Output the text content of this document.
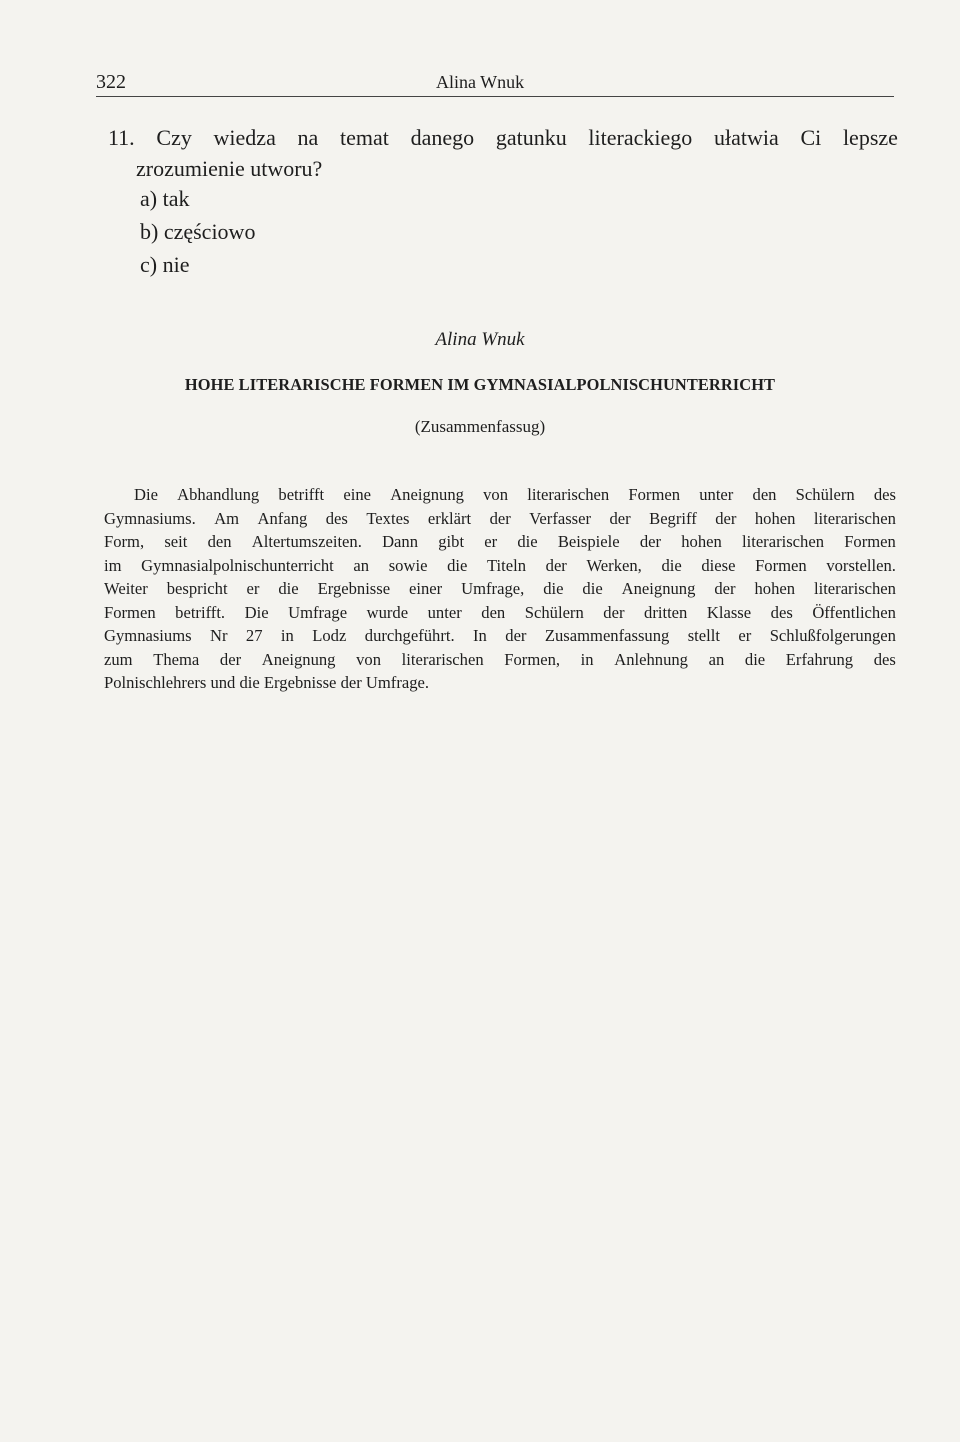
322	Alina Wnuk
11. Czy wiedza na temat danego gatunku literackiego ułatwia Ci lepsze
zrozumienie utworu?
a) tak
b) częściowo
c) nie
Alina Wnuk
HOHE LITERARISCHE FORMEN IM GYMNASIALPOLNISCHUNTERRICHT
(Zusammenfassug)
Die Abhandlung betrifft eine Aneignung von literarischen Formen unter den Schülern des
Gymnasiums. Am Anfang des Textes erklärt der Verfasser der Begriff der hohen literarischen
Form, seit den Altertumszeiten. Dann gibt er die Beispiele der hohen literarischen Formen
im Gymnasialpolnischunterricht an sowie die Titeln der Werken, die diese Formen vorstellen.
Weiter bespricht er die Ergebnisse einer Umfrage, die die Aneignung der hohen literarischen
Formen betrifft. Die Umfrage wurde unter den Schülern der dritten Klasse des Öffentlichen
Gymnasiums Nr 27 in Lodz durchgeführt. In der Zusammenfassung stellt er Schlußfolgerungen
zum Thema der Aneignung von literarischen Formen, in Anlehnung an die Erfahrung des
Polnischlehrers und die Ergebnisse der Umfrage.
